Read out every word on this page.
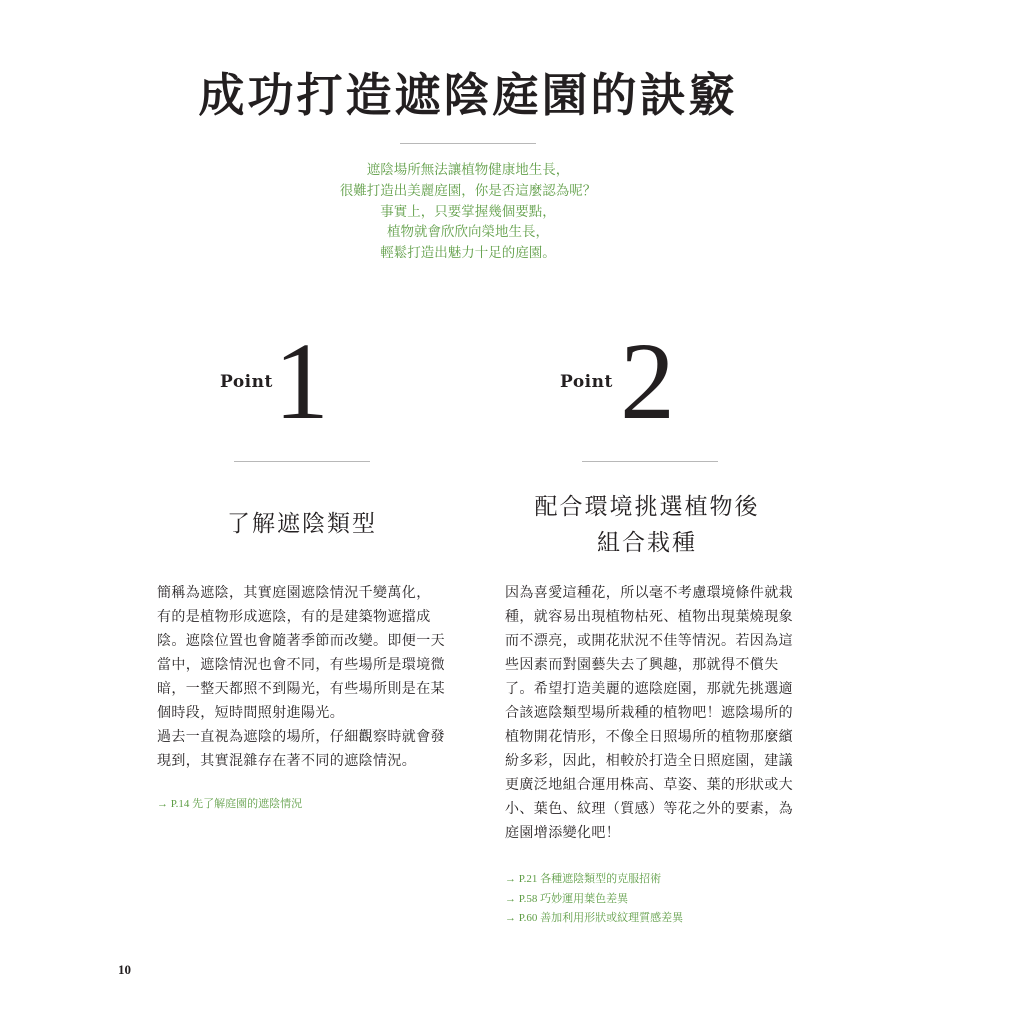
成功打造遮陰庭園的訣竅
遮陰場所無法讓植物健康地生長，
很難打造出美麗庭園，你是否這麼認為呢？
事實上，只要掌握幾個要點，
植物就會欣欣向榮地生長，
輕鬆打造出魅力十足的庭園。
Point 1
了解遮陰類型
簡稱為遮陰，其實庭園遮陰情況千變萬化，
有的是植物形成遮陰，有的是建築物遮擋成
陰。遮陰位置也會隨著季節而改變。即便一天
當中，遮陰情況也會不同，有些場所是環境微
暗，一整天都照不到陽光，有些場所則是在某
個時段，短時間照射進陽光。
過去一直視為遮陰的場所，仔細觀察時就會發
現到，其實混雜存在著不同的遮陰情況。
→ P.14 先了解庭園的遮陰情況
Point 2
配合環境挑選植物後
組合栽種
因為喜愛這種花，所以毫不考慮環境條件就栽
種，就容易出現植物枯死、植物出現葉燒現象
而不漂亮，或開花狀況不佳等情況。若因為這
些因素而對園藝失去了興趣，那就得不償失
了。希望打造美麗的遮陰庭園，那就先挑選適
合該遮陰類型場所栽種的植物吧！遮陰場所的
植物開花情形，不像全日照場所的植物那麼繽
紛多彩，因此，相較於打造全日照庭園，建議
更廣泛地組合運用株高、草姿、葉的形狀或大
小、葉色、紋理（質感）等花之外的要素，為
庭園增添變化吧！
→ P.21 各種遮陰類型的克服招術
→ P.58 巧妙運用葉色差異
→ P.60 善加利用形狀或紋理質感差異
10
